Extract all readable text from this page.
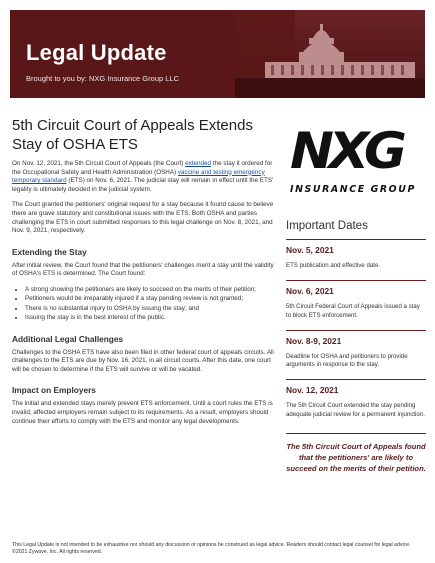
Legal Update
Brought to you by: NXG Insurance Group LLC
5th Circuit Court of Appeals Extends Stay of OSHA ETS

On Nov. 12, 2021, the 5th Circuit Court of Appeals (the Court) extended the stay it ordered for the Occupational Safety and Health Administration (OSHA) vaccine and testing emergency temporary standard (ETS) on Nov. 6, 2021. The judicial stay will remain in effect until the ETS' legality is ultimately decided in the judicial system.

The Court granted the petitioners' original request for a stay because it found cause to believe there are grave statutory and constitutional issues with the ETS. Both OSHA and parties challenging the ETS in court submitted responses to this legal challenge on Nov. 8, 2021, and Nov. 9, 2021, respectively.

Extending the Stay

After initial review, the Court found that the petitioners' challenges merit a stay until the validity of OSHA's ETS is determined. The Court found:

• A strong showing the petitioners are likely to succeed on the merits of their petition;
• Petitioners would be irreparably injured if a stay pending review is not granted;
• There is no substantial injury to OSHA by issuing the stay; and
• Issuing the stay is in the best interest of the public.
Additional Legal Challenges

Challenges to the OSHA ETS have also been filed in other federal court of appeals circuits. All challenges to the ETS are due by Nov. 16, 2021, in all circuit courts. After this date, one court will be chosen to determine if the ETS will survive or will be vacated.

Impact on Employers

The initial and extended stays merely prevent ETS enforcement. Until a court rules the ETS is invalid, affected employers remain subject to its requirements. As a result, employers should continue their efforts to comply with the ETS and monitor any legal developments.

NXG
INSURANCE GROUP
Important Dates
Nov. 5, 2021
ETS publication and effective date.
Nov. 6, 2021
5th Circuit Federal Court of Appeals issued a stay to block ETS enforcement.
Nov. 8-9, 2021
Deadline for OSHA and petitioners to provide arguments in response to the stay.
Nov. 12, 2021
The 5th Circuit Court extended the stay pending adequate judicial review for a permanent injunction.
The 5th Circuit Court of Appeals found that the petitioners' are likely to succeed on the merits of their petition.
This Legal Update is not intended to be exhaustive nor should any discussion or opinions be construed as legal advice. Readers should contact legal counsel for legal advice. ©2021 Zywave, Inc. All rights reserved.
